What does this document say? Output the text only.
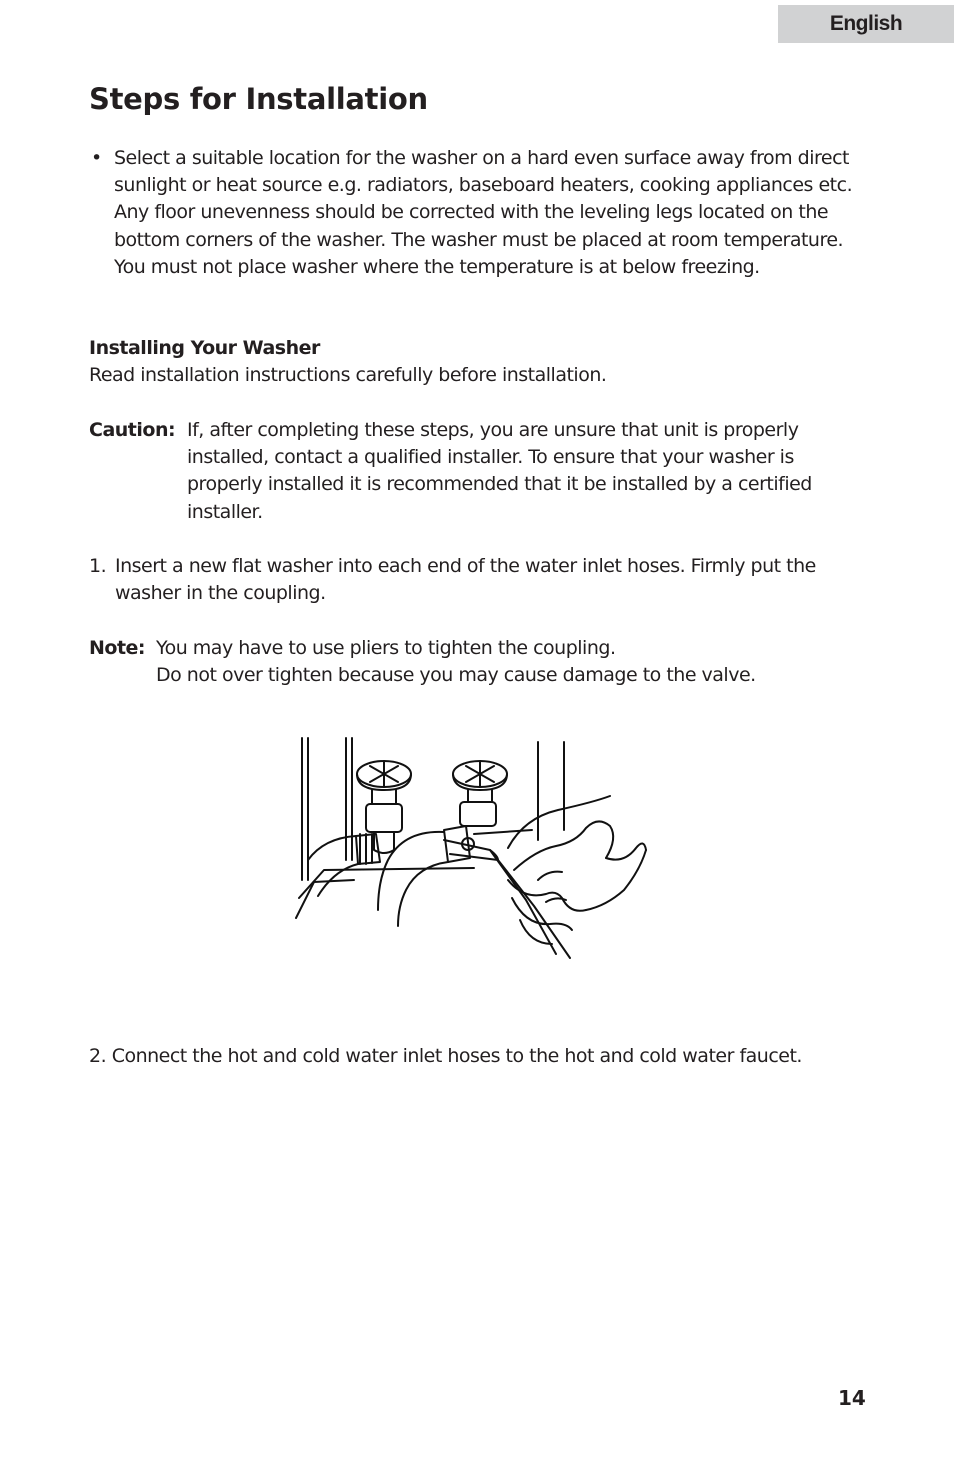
English
Steps for Installation
• Select a suitable location for the washer on a hard even surface away from direct sunlight or heat source e.g. radiators, baseboard heaters, cooking appliances etc. Any floor unevenness should be corrected with the leveling legs located on the bottom corners of the washer. The washer must be placed at room temperature. You must not place washer where the temperature is at below freezing.
Installing Your Washer
Read installation instructions carefully before installation.
Caution: If, after completing these steps, you are unsure that unit is properly installed, contact a qualified installer. To ensure that your washer is properly installed it is recommended that it be installed by a certified installer.
1. Insert a new flat washer into each end of the water inlet hoses. Firmly put the washer in the coupling.
Note: You may have to use pliers to tighten the coupling.
Do not over tighten because you may cause damage to the valve.
2. Connect the hot and cold water inlet hoses to the hot and cold water faucet.
14
